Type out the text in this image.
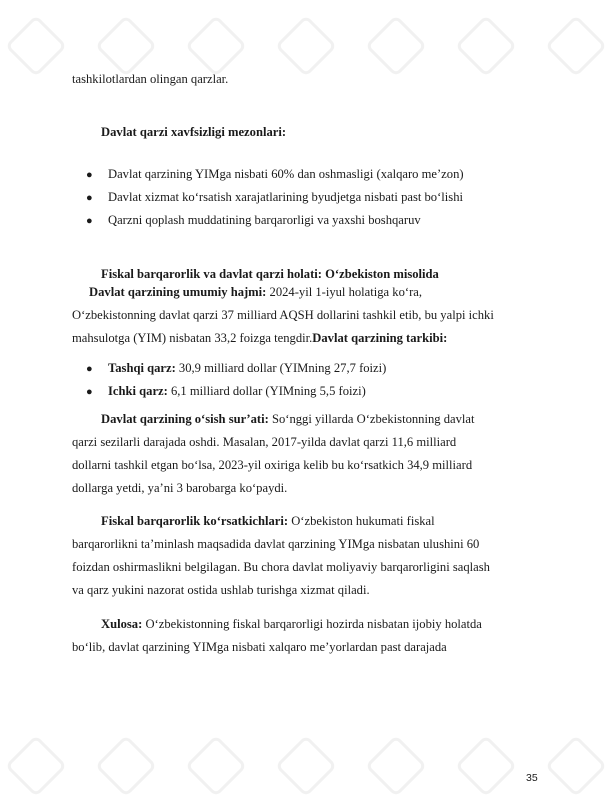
tashkilotlardan olingan qarzlar.
Davlat qarzi xavfsizligi mezonlari:
● Davlat qarzining YIMga nisbati 60% dan oshmasligi (xalqaro me’zon)
● Davlat xizmat ko‘rsatish xarajatlarining byudjetga nisbati past bo‘lishi
● Qarzni qoplash muddatining barqarorligi va yaxshi boshqaruv
Fiskal barqarorlik va davlat qarzi holati: O‘zbekiston misolida
Davlat qarzining umumiy hajmi: 2024-yil 1-iyul holatiga ko‘ra,
O‘zbekistonning davlat qarzi 37 milliard AQSH dollarini tashkil etib, bu yalpi ichki
mahsulotga (YIM) nisbatan 33,2 foizga tengdir.Davlat qarzining tarkibi:
● Tashqi qarz: 30,9 milliard dollar (YIMning 27,7 foizi)
● Ichki qarz: 6,1 milliard dollar (YIMning 5,5 foizi)
Davlat qarzining o‘sish sur’ati: So‘nggi yillarda O‘zbekistonning davlat
qarzi sezilarli darajada oshdi. Masalan, 2017-yilda davlat qarzi 11,6 milliard
dollarni tashkil etgan bo‘lsa, 2023-yil oxiriga kelib bu ko‘rsatkich 34,9 milliard
dollarga yetdi, ya’ni 3 barobarga ko‘paydi.
Fiskal barqarorlik ko‘rsatkichlari: O‘zbekiston hukumati fiskal
barqarorlikni ta’minlash maqsadida davlat qarzining YIMga nisbatan ulushini 60
foizdan oshirmaslikni belgilagan. Bu chora davlat moliyaviy barqarorligini saqlash
va qarz yukini nazorat ostida ushlab turishga xizmat qiladi.
Xulosa: O‘zbekistonning fiskal barqarorligi hozirda nisbatan ijobiy holatda
bo‘lib, davlat qarzining YIMga nisbati xalqaro me’yorlardan past darajada
35
